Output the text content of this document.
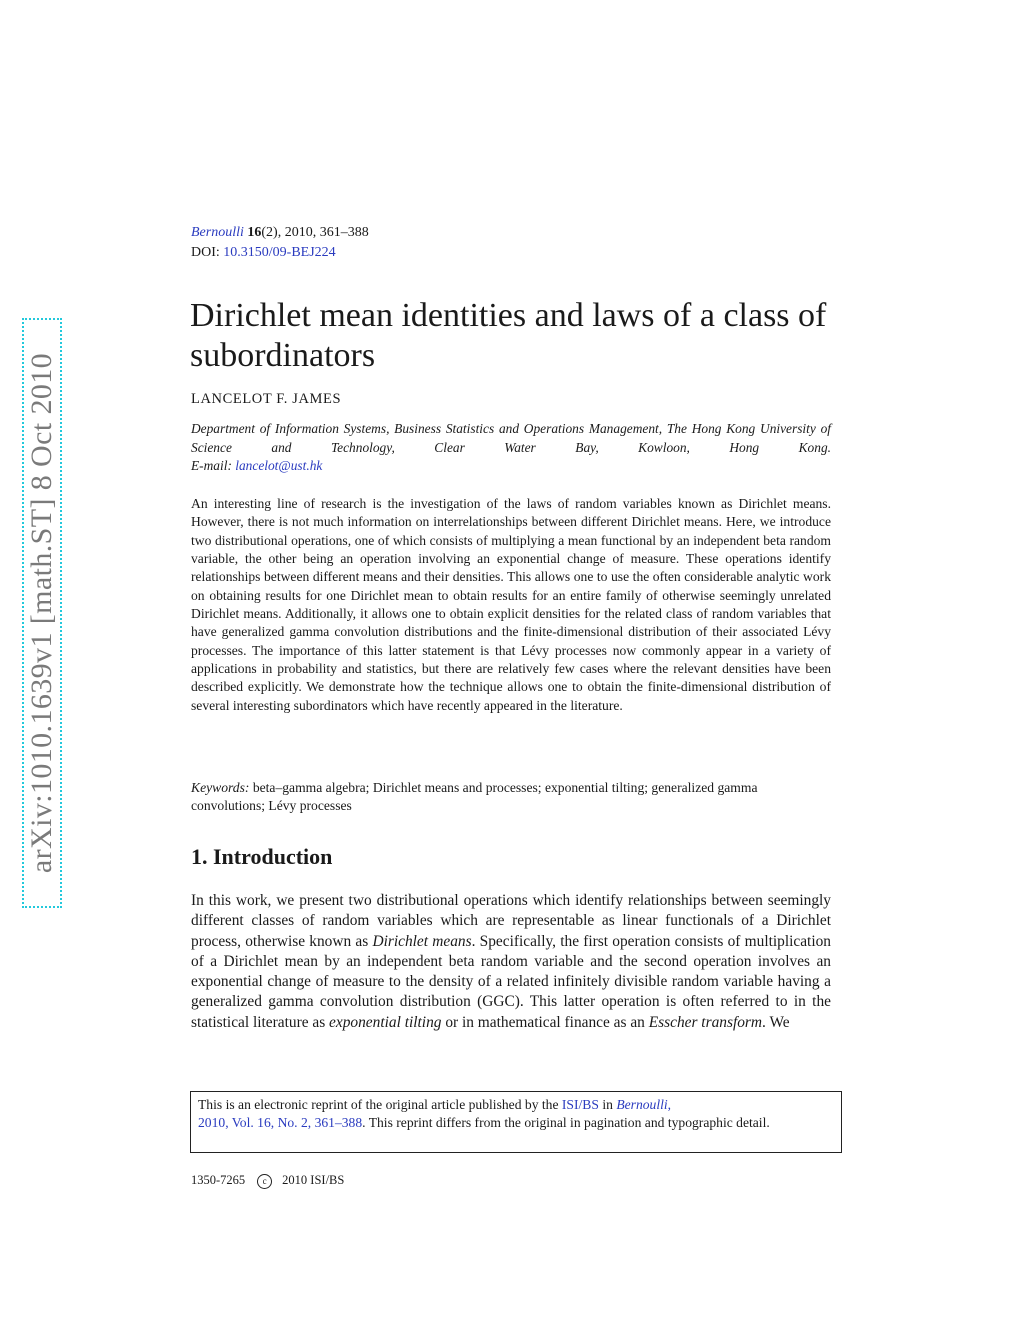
arXiv:1010.1639v1 [math.ST] 8 Oct 2010
Bernoulli 16(2), 2010, 361–388
DOI: 10.3150/09-BEJ224
Dirichlet mean identities and laws of a class of
subordinators
LANCELOT F. JAMES
Department of Information Systems, Business Statistics and Operations Management, The Hong Kong University of Science and Technology, Clear Water Bay, Kowloon, Hong Kong.
E-mail: lancelot@ust.hk

An interesting line of research is the investigation of the laws of random variables known as Dirichlet means. However, there is not much information on interrelationships between different Dirichlet means. Here, we introduce two distributional operations, one of which consists of multiplying a mean functional by an independent beta random variable, the other being an operation involving an exponential change of measure. These operations identify relationships between different means and their densities. This allows one to use the often considerable analytic work on obtaining results for one Dirichlet mean to obtain results for an entire family of otherwise seemingly unrelated Dirichlet means. Additionally, it allows one to obtain explicit densities for the related class of random variables that have generalized gamma convolution distributions and the finite-dimensional distribution of their associated Lévy processes. The importance of this latter statement is that Lévy processes now commonly appear in a variety of applications in probability and statistics, but there are relatively few cases where the relevant densities have been described explicitly. We demonstrate how the technique allows one to obtain the finite-dimensional distribution of several interesting subordinators which have recently appeared in the literature.

Keywords: beta–gamma algebra; Dirichlet means and processes; exponential tilting; generalized gamma convolutions; Lévy processes

1. Introduction

In this work, we present two distributional operations which identify relationships between seemingly different classes of random variables which are representable as linear functionals of a Dirichlet process, otherwise known as Dirichlet means. Specifically, the first operation consists of multiplication of a Dirichlet mean by an independent beta random variable and the second operation involves an exponential change of measure to the density of a related infinitely divisible random variable having a generalized gamma convolution distribution (GGC). This latter operation is often referred to in the statistical literature as exponential tilting or in mathematical finance as an Esscher transform. We

This is an electronic reprint of the original article published by the ISI/BS in Bernoulli,
2010, Vol. 16, No. 2, 361–388. This reprint differs from the original in pagination and typographic detail.
1350-7265 c 2010 ISI/BS
